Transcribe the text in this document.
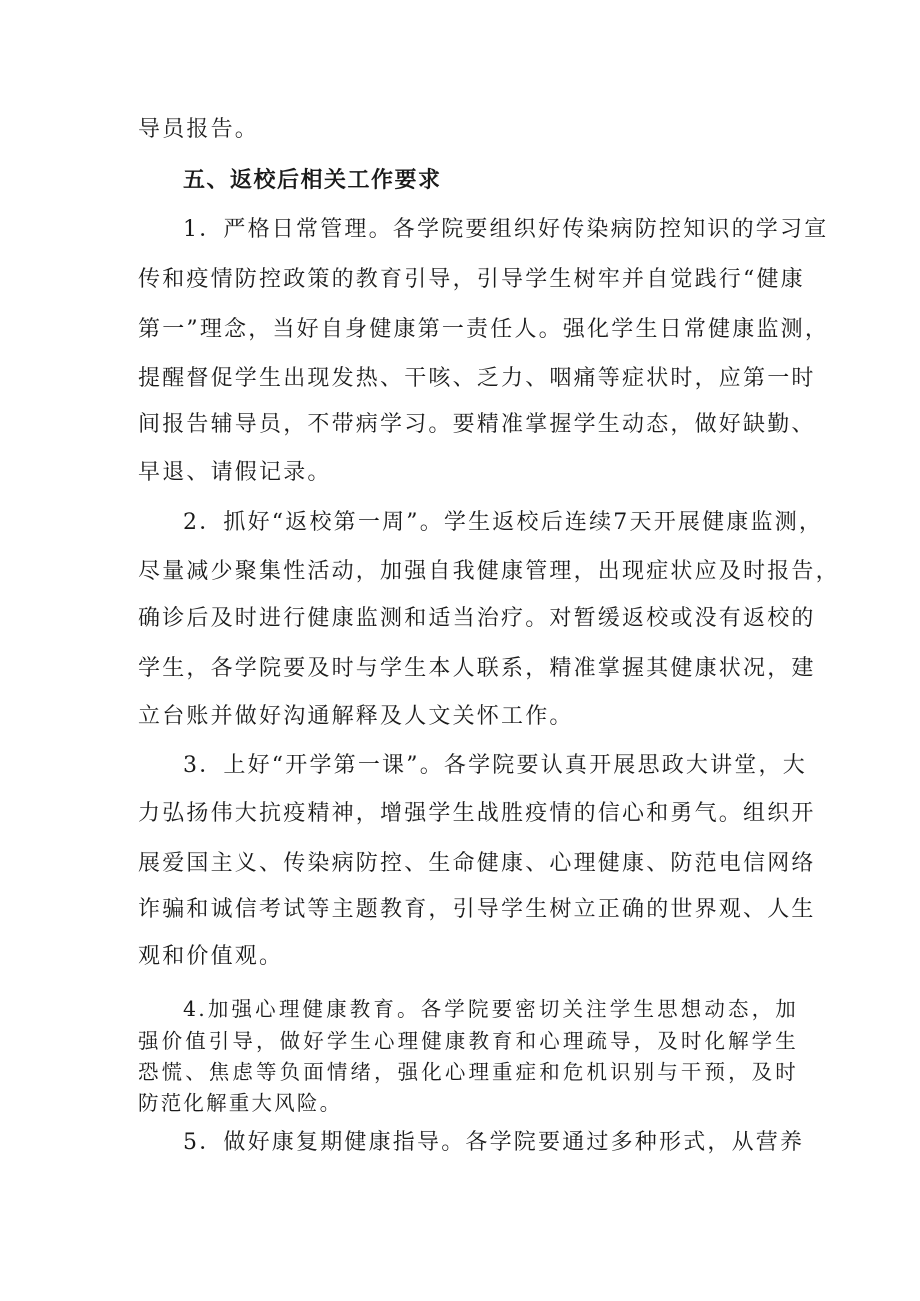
导员报告。
五、返校后相关工作要求
1．严格日常管理。各学院要组织好传染病防控知识的学习宣
传和疫情防控政策的教育引导，引导学生树牢并自觉践行“健康
第一”理念，当好自身健康第一责任人。强化学生日常健康监测，
提醒督促学生出现发热、干咳、乏力、咽痛等症状时，应第一时
间报告辅导员，不带病学习。要精准掌握学生动态，做好缺勤、
早退、请假记录。
2．抓好“返校第一周”。学生返校后连续7天开展健康监测，
尽量减少聚集性活动，加强自我健康管理，出现症状应及时报告，
确诊后及时进行健康监测和适当治疗。对暂缓返校或没有返校的
学生，各学院要及时与学生本人联系，精准掌握其健康状况，建
立台账并做好沟通解释及人文关怀工作。
3．上好“开学第一课”。各学院要认真开展思政大讲堂，大
力弘扬伟大抗疫精神，增强学生战胜疫情的信心和勇气。组织开
展爱国主义、传染病防控、生命健康、心理健康、防范电信网络
诈骗和诚信考试等主题教育，引导学生树立正确的世界观、人生
观和价值观。
4.加强心理健康教育。各学院要密切关注学生思想动态，加
强价值引导，做好学生心理健康教育和心理疏导，及时化解学生
恐慌、焦虑等负面情绪，强化心理重症和危机识别与干预，及时
防范化解重大风险。
5．做好康复期健康指导。各学院要通过多种形式，从营养
